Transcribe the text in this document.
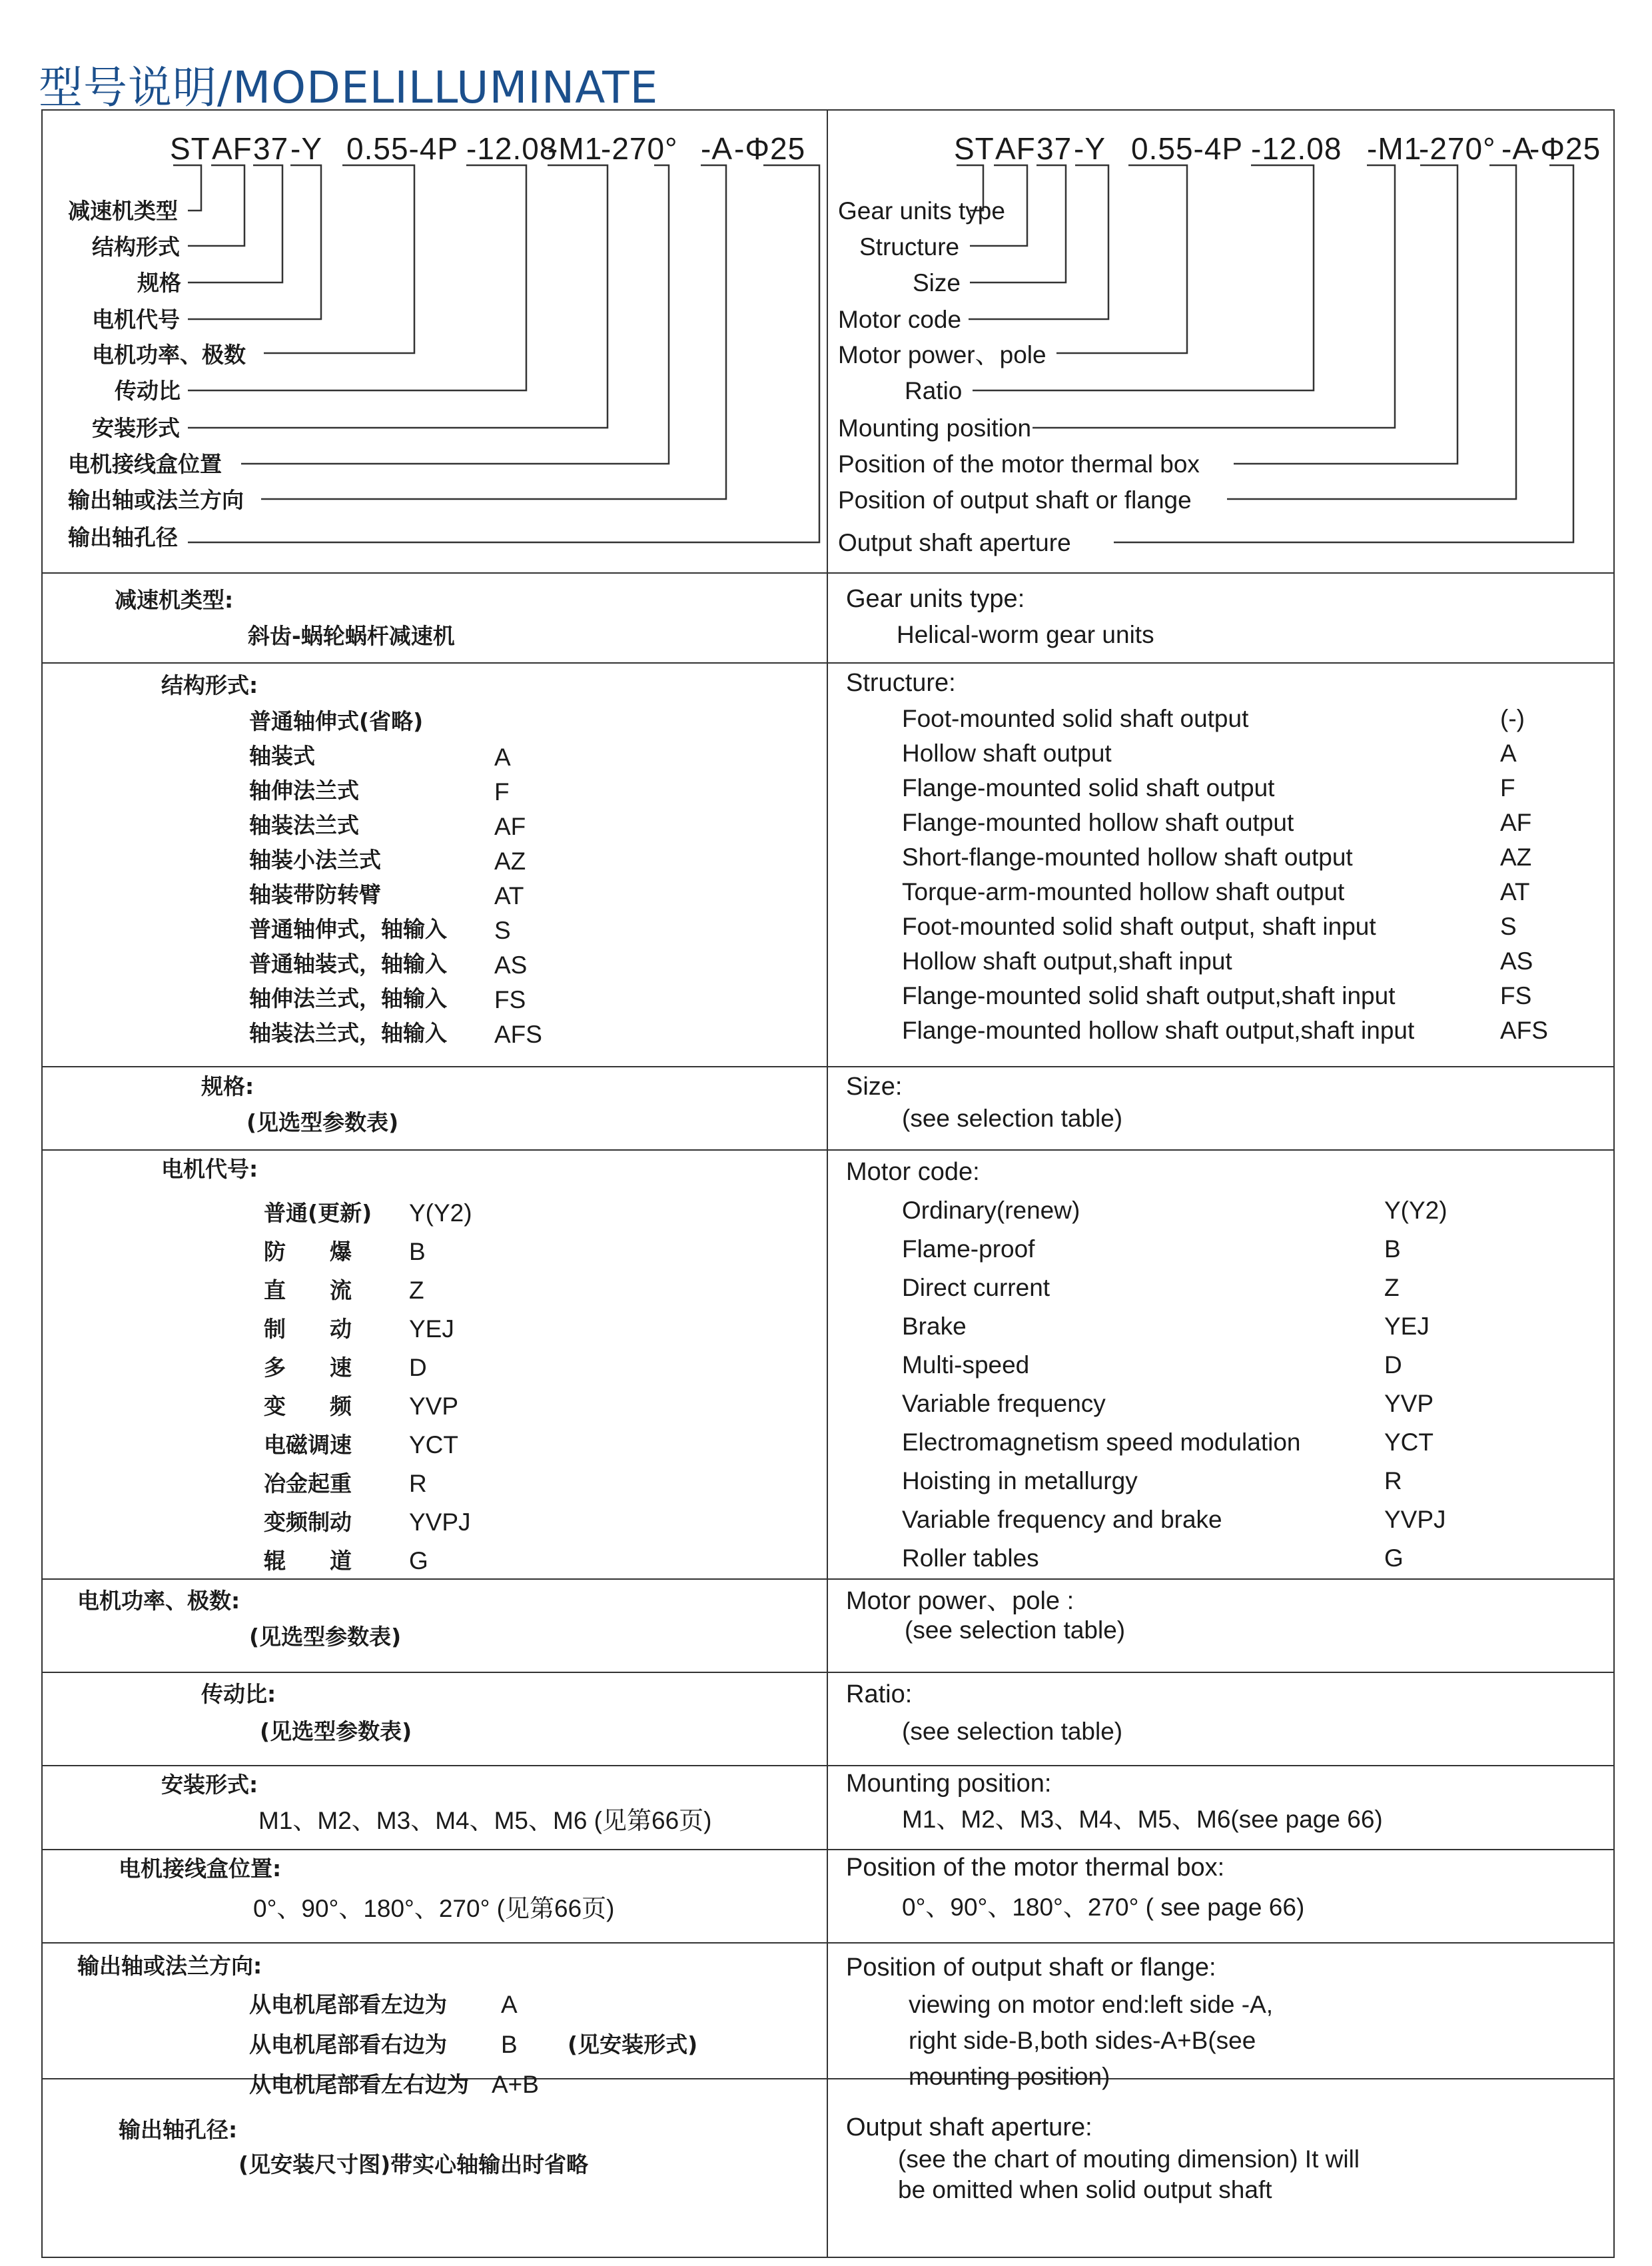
型号说明/MODELILLUMINATE
ST AF 37 -Y 0.55-4P -12.08
-M1
-270° -A -Φ25
减速机类型
结构形式
规格
电机代号
电机功率、极数
传动比
安装形式
电机接线盒位置
输出轴或法兰方向
输出轴孔径
ST AF 37 -Y 0.55-4P -12.08 -M1
-270° -A
-Φ25
Gear units type
Structure
Size
Motor code
Motor power、pole
Ratio
Mounting position
Position of the motor thermal box
Position of output shaft or flange
Output shaft aperture
减速机类型:
斜齿-蜗轮蜗杆减速机
Gear units type:
Helical-worm gear units
结构形式:	Structure:
普通轴伸式(省略)
轴装式	A
轴伸法兰式	F
轴装法兰式	AF
轴装小法兰式	AZ
轴装带防转臂	AT
普通轴伸式，轴输入 S
普通轴装式，轴输入 AS
轴伸法兰式，轴输入 FS
轴装法兰式，轴输入 AFS
Foot-mounted solid shaft output	(-)
Hollow shaft output	A
Flange-mounted solid shaft output	F
Flange-mounted hollow shaft output	AF
Short-flange-mounted hollow shaft output	AZ
Torque-arm-mounted hollow shaft output	AT
Foot-mounted solid shaft output, shaft input	S
Hollow shaft output,shaft input	AS
Flange-mounted solid shaft output,shaft input	FS
Flange-mounted hollow shaft output,shaft input	AFS
规格:
(见选型参数表)
Size:
(see selection table)
电机代号:	Motor code:
普通(更新) Y(Y2)
防　　爆 B
直　　流 Z
制　　动 YEJ
多　　速 D
变　　频 YVP
电磁调速 YCT
冶金起重 R
变频制动 YVPJ
辊　　道 G
Ordinary(renew)	Y(Y2)
Flame-proof	B
Direct current	Z
Brake	YEJ
Multi-speed	D
Variable frequency	YVP
Electromagnetism speed modulation	YCT
Hoisting in metallurgy	R
Variable frequency and brake	YVPJ
Roller tables	G
电机功率、极数:
(见选型参数表)
Motor power、pole :
(see selection table)
传动比:
(见选型参数表)
Ratio:
(see selection table)
安装形式:
M1、M2、M3、M4、M5、M6 (见第66页)
Mounting position:
M1、M2、M3、M4、M5、M6(see page 66)
电机接线盒位置:
0°、90°、180°、270° (见第66页)
Position of the motor thermal box:
0°、90°、180°、270° ( see page 66)
输出轴或法兰方向:
从电机尾部看左边为 A
从电机尾部看右边为 B (见安装形式)
从电机尾部看左右边为 A+B
Position of output shaft or flange:
viewing on motor end:left side -A,
right side-B,both sides-A+B(see
mounting position)
输出轴孔径:
(见安装尺寸图)带实心轴输出时省略
Output shaft aperture:
(see the chart of mouting dimension) It will
be omitted when solid output shaft
